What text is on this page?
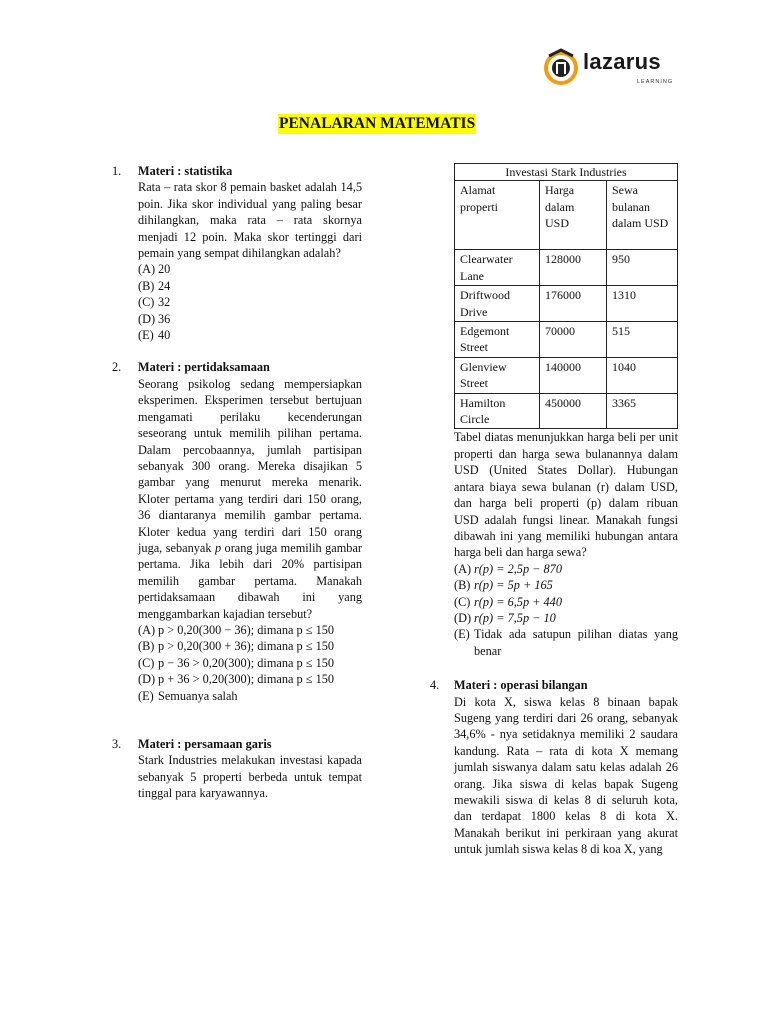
lazarus
LEARNING
PENALARAN MATEMATIS
1. Materi : statistika
Rata – rata skor 8 pemain basket adalah 14,5 poin. Jika skor individual yang paling besar dihilangkan, maka rata – rata skornya menjadi 12 poin. Maka skor tertinggi dari pemain yang sempat dihilangkan adalah?
(A) 20
(B) 24
(C) 32
(D) 36
(E) 40
2. Materi : pertidaksamaan
Seorang psikolog sedang mempersiapkan eksperimen. Eksperimen tersebut bertujuan mengamati perilaku kecenderungan seseorang untuk memilih pilihan pertama. Dalam percobaannya, jumlah partisipan sebanyak 300 orang. Mereka disajikan 5 gambar yang menurut mereka menarik. Kloter pertama yang terdiri dari 150 orang, 36 diantaranya memilih gambar pertama. Kloter kedua yang terdiri dari 150 orang juga, sebanyak p orang juga memilih gambar pertama. Jika lebih dari 20% partisipan memilih gambar pertama. Manakah pertidaksamaan dibawah ini yang menggambarkan kajadian tersebut?
(A) p > 0,20(300 − 36); dimana p ≤ 150
(B) p > 0,20(300 + 36); dimana p ≤ 150
(C) p − 36 > 0,20(300); dimana p ≤ 150
(D) p + 36 > 0,20(300); dimana p ≤ 150
(E) Semuanya salah
3. Materi : persamaan garis
Stark Industries melakukan investasi kapada sebanyak 5 properti berbeda untuk tempat tinggal para karyawannya.
Investasi Stark Industries		
Alamat properti	Harga dalam USD	Sewa bulanan dalam USD
Clearwater Lane	128000	950
Driftwood Drive	176000	1310
Edgemont Street	70000	515
Glenview Street	140000	1040
Hamilton Circle	450000	3365
Tabel diatas menunjukkan harga beli per unit properti dan harga sewa bulanannya dalam USD (United States Dollar). Hubungan antara biaya sewa bulanan (r) dalam USD, dan harga beli properti (p) dalam ribuan USD adalah fungsi linear. Manakah fungsi dibawah ini yang memiliki hubungan antara harga beli dan harga sewa?
(A) r(p) = 2,5p − 870
(B) r(p) = 5p + 165
(C) r(p) = 6,5p + 440
(D) r(p) = 7,5p − 10
(E) Tidak ada satupun pilihan diatas yang benar
4. Materi : operasi bilangan
Di kota X, siswa kelas 8 binaan bapak Sugeng yang terdiri dari 26 orang, sebanyak 34,6% - nya setidaknya memiliki 2 saudara kandung. Rata – rata di kota X memang jumlah siswanya dalam satu kelas adalah 26 orang. Jika siswa di kelas bapak Sugeng mewakili siswa di kelas 8 di seluruh kota, dan terdapat 1800 kelas 8 di kota X. Manakah berikut ini perkiraan yang akurat untuk jumlah siswa kelas 8 di koa X, yang
